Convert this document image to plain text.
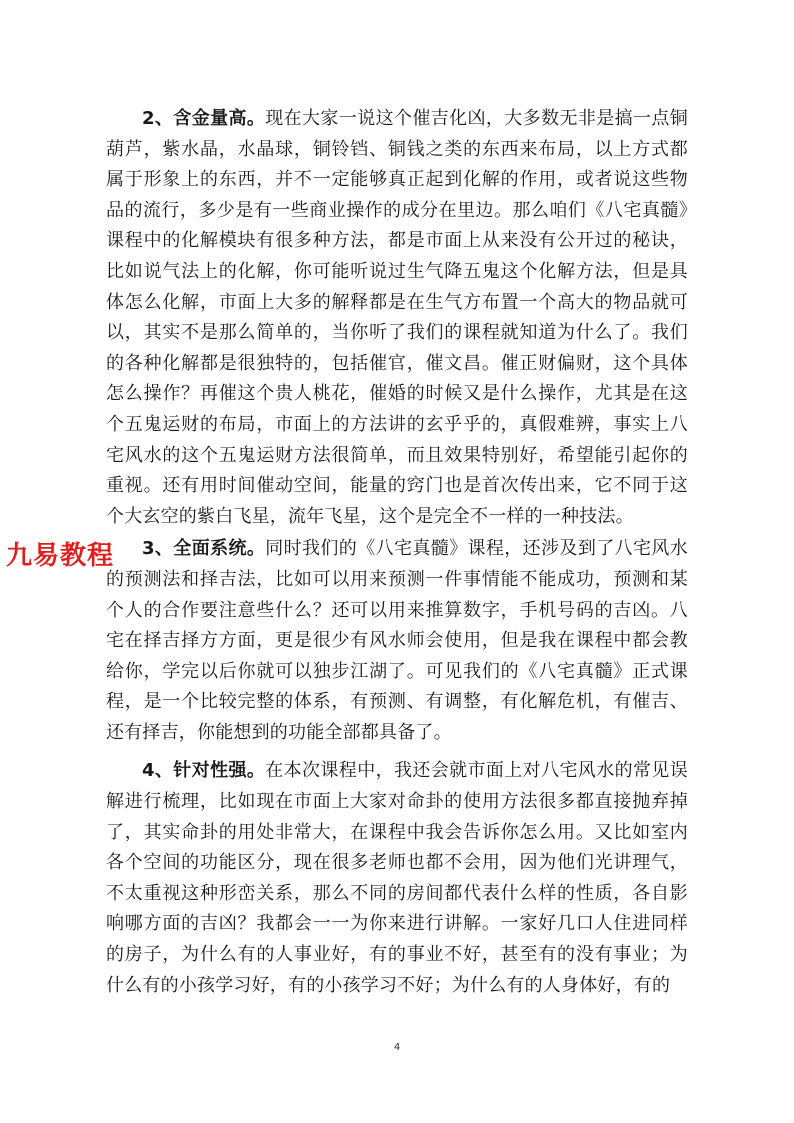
2、含金量高。现在大家一说这个催吉化凶，大多数无非是搞一点铜葫芦，紫水晶，水晶球，铜铃铛、铜钱之类的东西来布局，以上方式都属于形象上的东西，并不一定能够真正起到化解的作用，或者说这些物品的流行，多少是有一些商业操作的成分在里边。那么咱们《八宅真髓》课程中的化解模块有很多种方法，都是市面上从来没有公开过的秘诀，比如说气法上的化解，你可能听说过生气降五鬼这个化解方法，但是具体怎么化解，市面上大多的解释都是在生气方布置一个高大的物品就可以，其实不是那么简单的，当你听了我们的课程就知道为什么了。我们的各种化解都是很独特的，包括催官，催文昌。催正财偏财，这个具体怎么操作？再催这个贵人桃花，催婚的时候又是什么操作，尤其是在这个五鬼运财的布局，市面上的方法讲的玄乎乎的，真假难辨，事实上八宅风水的这个五鬼运财方法很简单，而且效果特别好，希望能引起你的重视。还有用时间催动空间，能量的窍门也是首次传出来，它不同于这个大玄空的紫白飞星，流年飞星，这个是完全不一样的一种技法。

3、全面系统。同时我们的《八宅真髓》课程，还涉及到了八宅风水的预测法和择吉法，比如可以用来预测一件事情能不能成功，预测和某个人的合作要注意些什么？还可以用来推算数字，手机号码的吉凶。八宅在择吉择方方面，更是很少有风水师会使用，但是我在课程中都会教给你，学完以后你就可以独步江湖了。可见我们的《八宅真髓》正式课程，是一个比较完整的体系，有预测、有调整，有化解危机，有催吉、还有择吉，你能想到的功能全部都具备了。

4、针对性强。在本次课程中，我还会就市面上对八宅风水的常见误解进行梳理，比如现在市面上大家对命卦的使用方法很多都直接抛弃掉了，其实命卦的用处非常大，在课程中我会告诉你怎么用。又比如室内各个空间的功能区分，现在很多老师也都不会用，因为他们光讲理气，不太重视这种形峦关系，那么不同的房间都代表什么样的性质，各自影响哪方面的吉凶？我都会一一为你来进行讲解。一家好几口人住进同样的房子，为什么有的人事业好，有的事业不好，甚至有的没有事业；为什么有的小孩学习好，有的小孩学习不好；为什么有的人身体好，有的

九易教程
4
